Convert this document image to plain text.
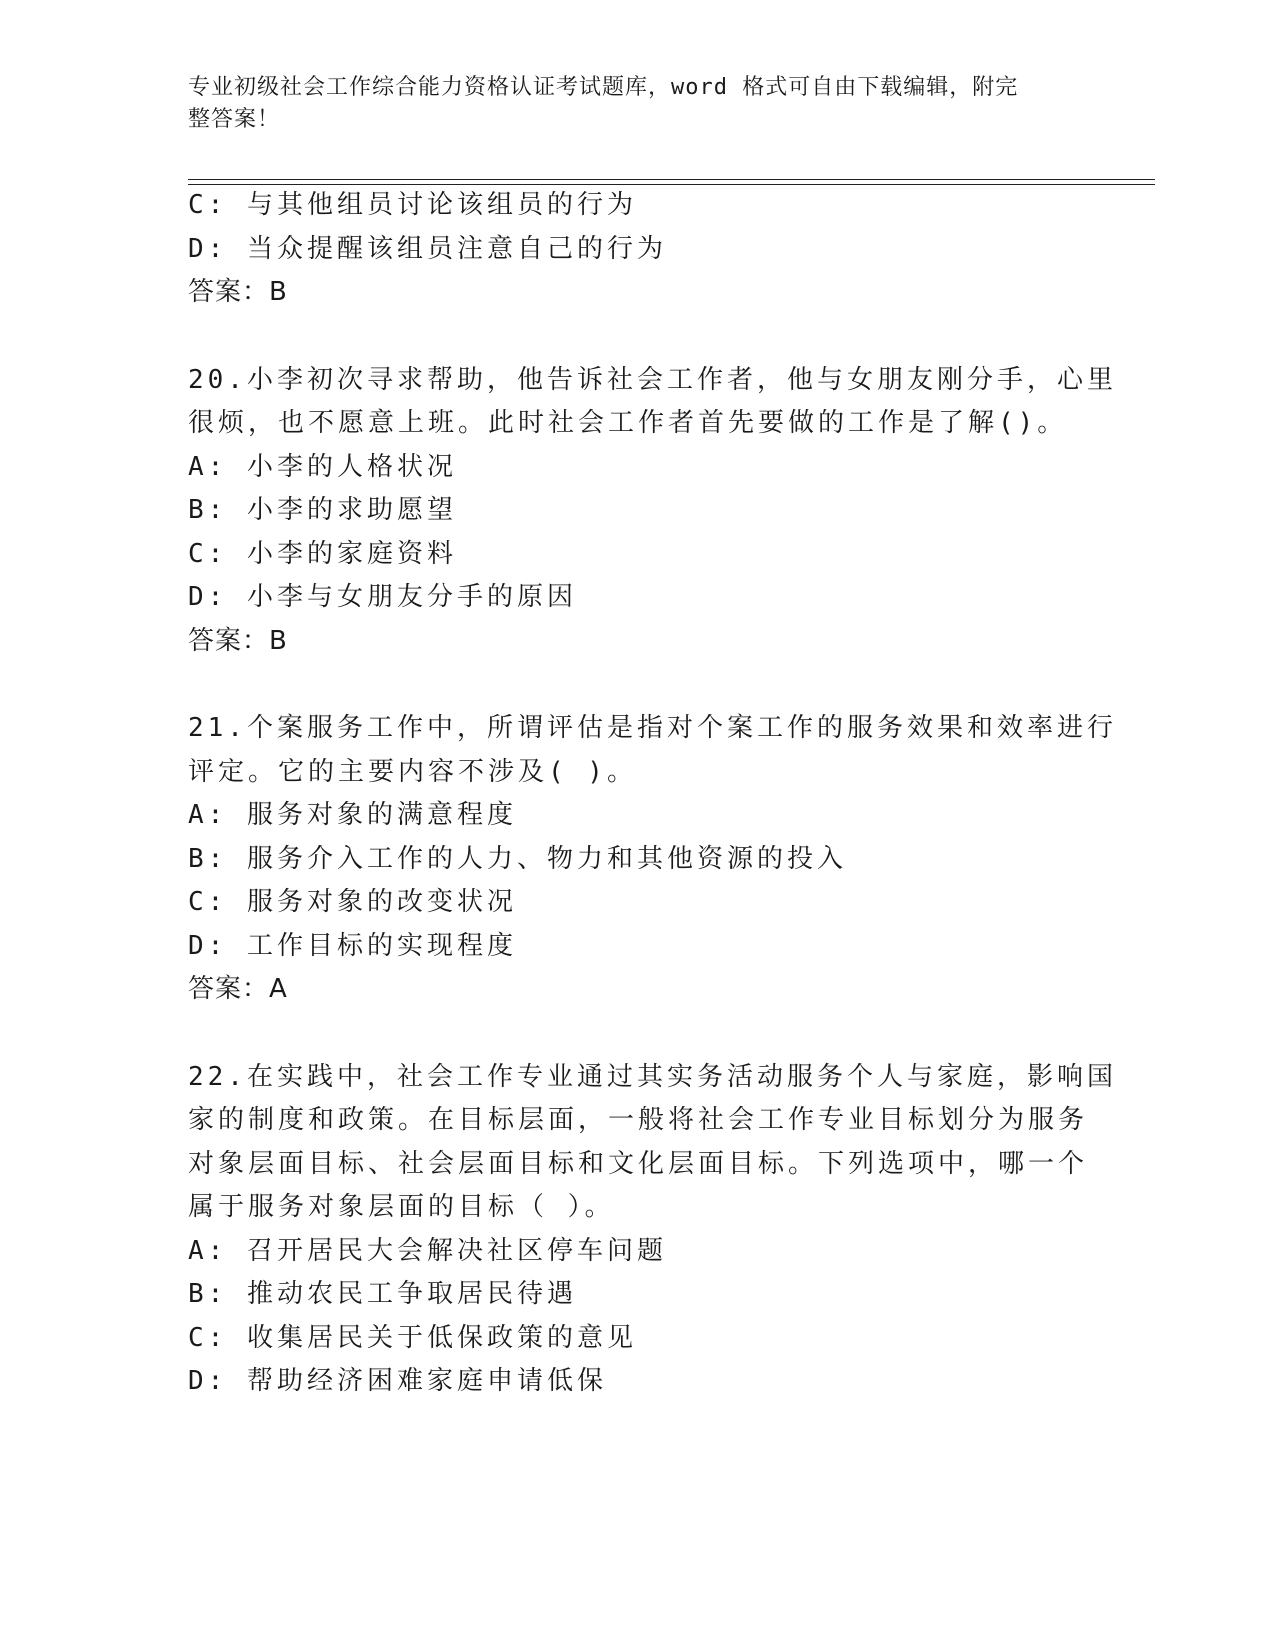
专业初级社会工作综合能力资格认证考试题库，word 格式可自由下载编辑，附完
整答案！
C: 与其他组员讨论该组员的行为
D: 当众提醒该组员注意自己的行为
答案：B
20.小李初次寻求帮助，他告诉社会工作者，他与女朋友刚分手，心里
很烦，也不愿意上班。此时社会工作者首先要做的工作是了解()。
A: 小李的人格状况
B: 小李的求助愿望
C: 小李的家庭资料
D: 小李与女朋友分手的原因
答案：B
21.个案服务工作中，所谓评估是指对个案工作的服务效果和效率进行
评定。它的主要内容不涉及( )。
A: 服务对象的满意程度
B: 服务介入工作的人力、物力和其他资源的投入
C: 服务对象的改变状况
D: 工作目标的实现程度
答案：A
22.在实践中，社会工作专业通过其实务活动服务个人与家庭，影响国
家的制度和政策。在目标层面，一般将社会工作专业目标划分为服务
对象层面目标、社会层面目标和文化层面目标。下列选项中，哪一个
属于服务对象层面的目标（ ）。
A: 召开居民大会解决社区停车问题
B: 推动农民工争取居民待遇
C: 收集居民关于低保政策的意见
D: 帮助经济困难家庭申请低保
